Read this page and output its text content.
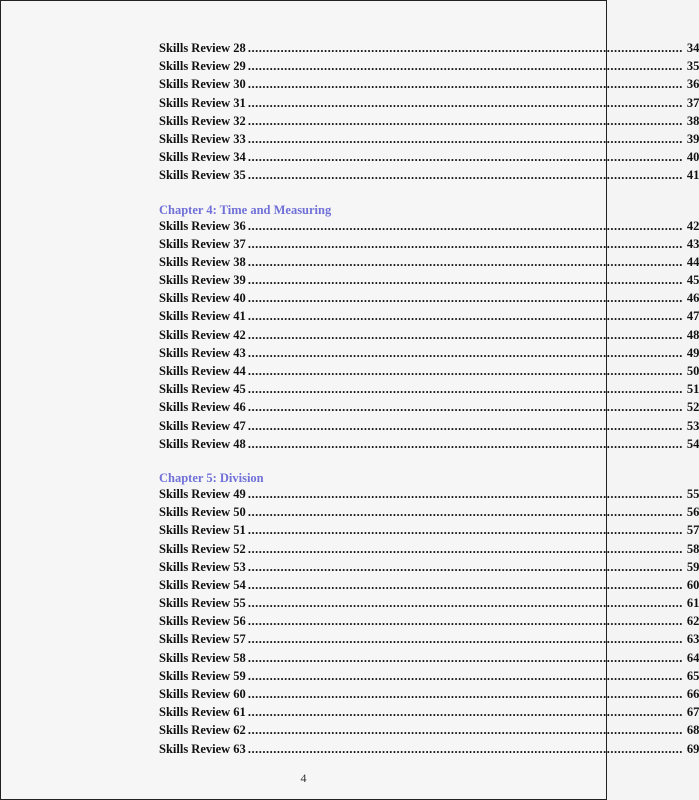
Skills Review 28 ........................................................................................................................ 34
Skills Review 29 ........................................................................................................................ 35
Skills Review 30 ........................................................................................................................ 36
Skills Review 31 ........................................................................................................................ 37
Skills Review 32 ........................................................................................................................ 38
Skills Review 33 ........................................................................................................................ 39
Skills Review 34 ........................................................................................................................ 40
Skills Review 35 ........................................................................................................................ 41
Chapter 4: Time and Measuring
Skills Review 36 ........................................................................................................................ 42
Skills Review 37 ........................................................................................................................ 43
Skills Review 38 ........................................................................................................................ 44
Skills Review 39 ........................................................................................................................ 45
Skills Review 40 ........................................................................................................................ 46
Skills Review 41 ........................................................................................................................ 47
Skills Review 42 ........................................................................................................................ 48
Skills Review 43 ........................................................................................................................ 49
Skills Review 44 ........................................................................................................................ 50
Skills Review 45 ........................................................................................................................ 51
Skills Review 46 ........................................................................................................................ 52
Skills Review 47 ........................................................................................................................ 53
Skills Review 48 ........................................................................................................................ 54
Chapter 5: Division
Skills Review 49 ........................................................................................................................ 55
Skills Review 50 ........................................................................................................................ 56
Skills Review 51 ........................................................................................................................ 57
Skills Review 52 ........................................................................................................................ 58
Skills Review 53 ........................................................................................................................ 59
Skills Review 54 ........................................................................................................................ 60
Skills Review 55 ........................................................................................................................ 61
Skills Review 56 ........................................................................................................................ 62
Skills Review 57 ........................................................................................................................ 63
Skills Review 58 ........................................................................................................................ 64
Skills Review 59 ........................................................................................................................ 65
Skills Review 60 ........................................................................................................................ 66
Skills Review 61 ........................................................................................................................ 67
Skills Review 62 ........................................................................................................................ 68
Skills Review 63 ........................................................................................................................ 69
4
